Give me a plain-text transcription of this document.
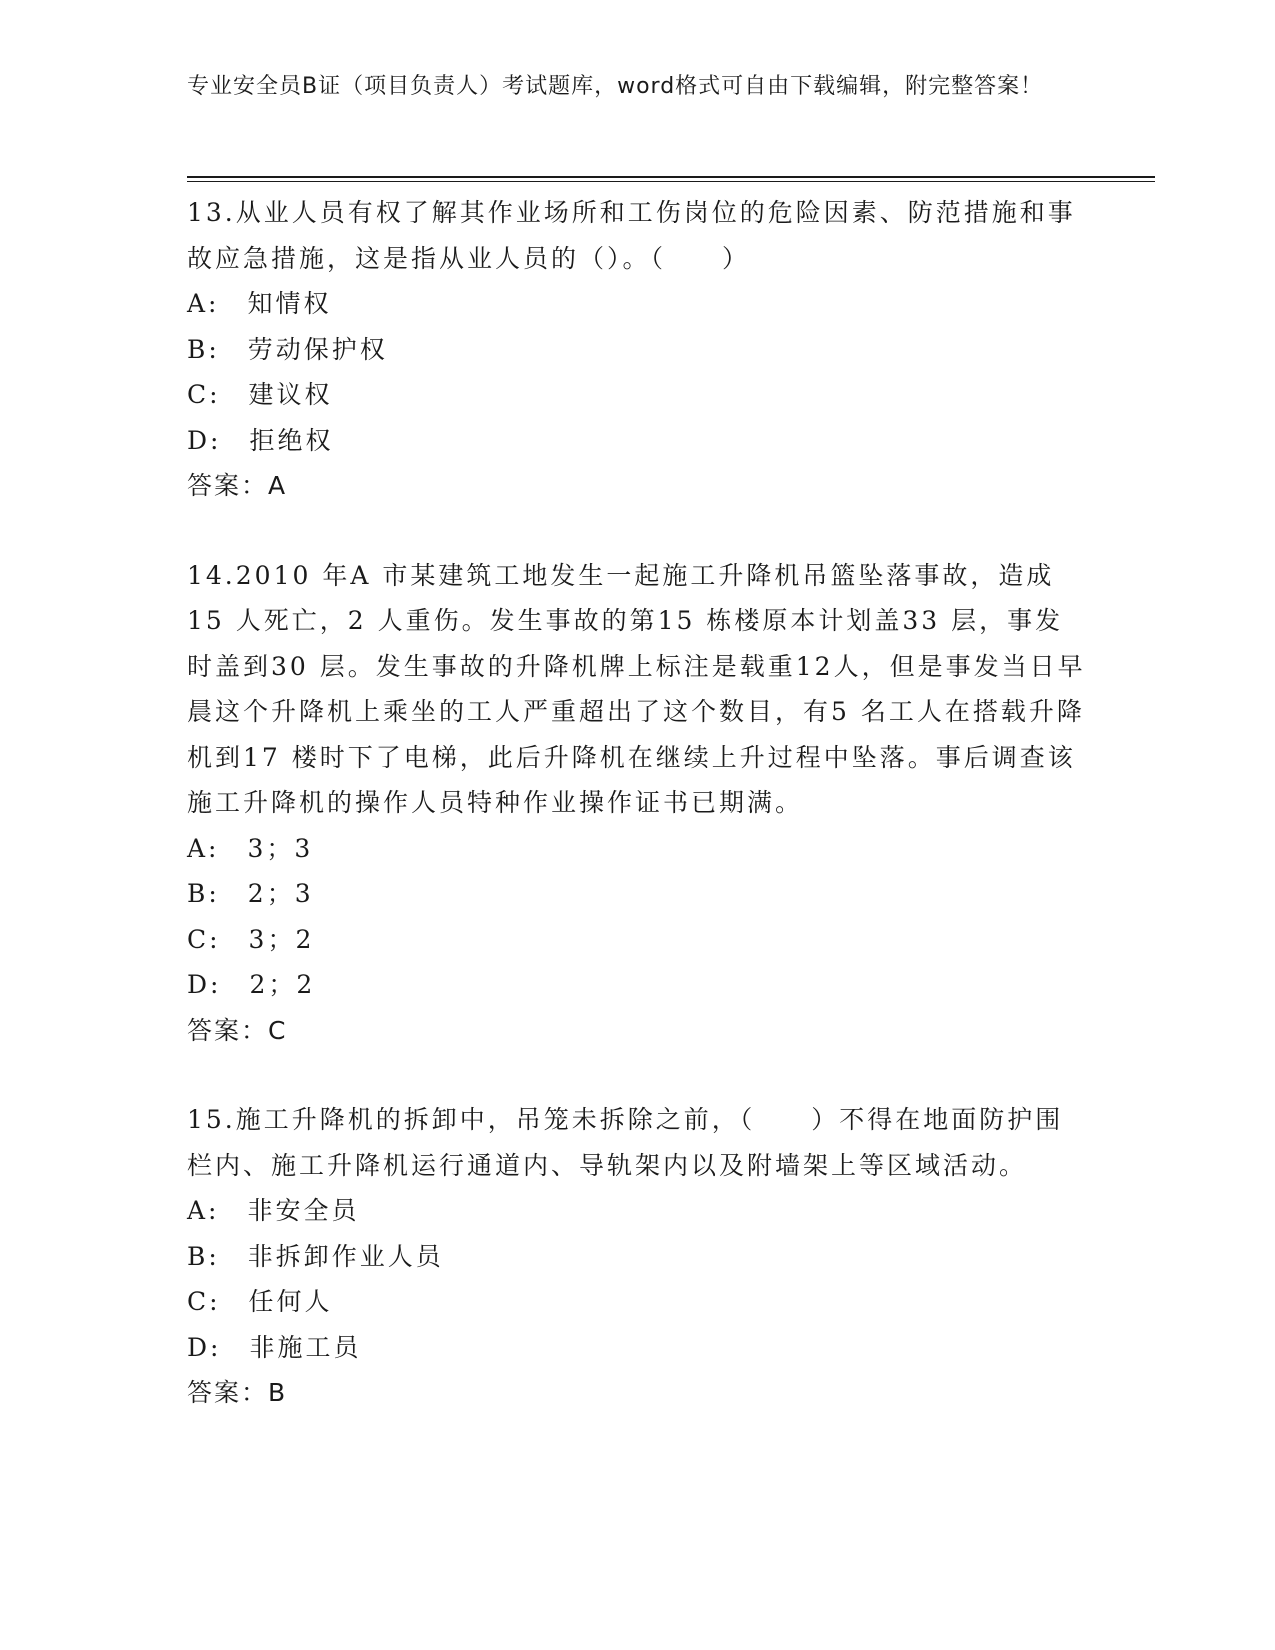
专业安全员B证（项目负责人）考试题库，word格式可自由下载编辑，附完整答案！

13.从业人员有权了解其作业场所和工伤岗位的危险因素、防范措施和事故应急措施，这是指从业人员的（）。（　　）

A:　知情权

B:　劳动保护权

C:　建议权

D:　拒绝权

答案：A

14.2010 年A 市某建筑工地发生一起施工升降机吊篮坠落事故，造成15 人死亡，2 人重伤。发生事故的第15 栋楼原本计划盖33 层，事发时盖到30 层。发生事故的升降机牌上标注是载重12人，但是事发当日早晨这个升降机上乘坐的工人严重超出了这个数目，有5 名工人在搭载升降机到17 楼时下了电梯，此后升降机在继续上升过程中坠落。事后调查该施工升降机的操作人员特种作业操作证书已期满。

A:　3；3

B:　2；3

C:　3；2

D:　2；2

答案：C

15.施工升降机的拆卸中，吊笼未拆除之前，（　　）不得在地面防护围栏内、施工升降机运行通道内、导轨架内以及附墙架上等区域活动。

A:　非安全员

B:　非拆卸作业人员

C:　任何人

D:　非施工员

答案：B
